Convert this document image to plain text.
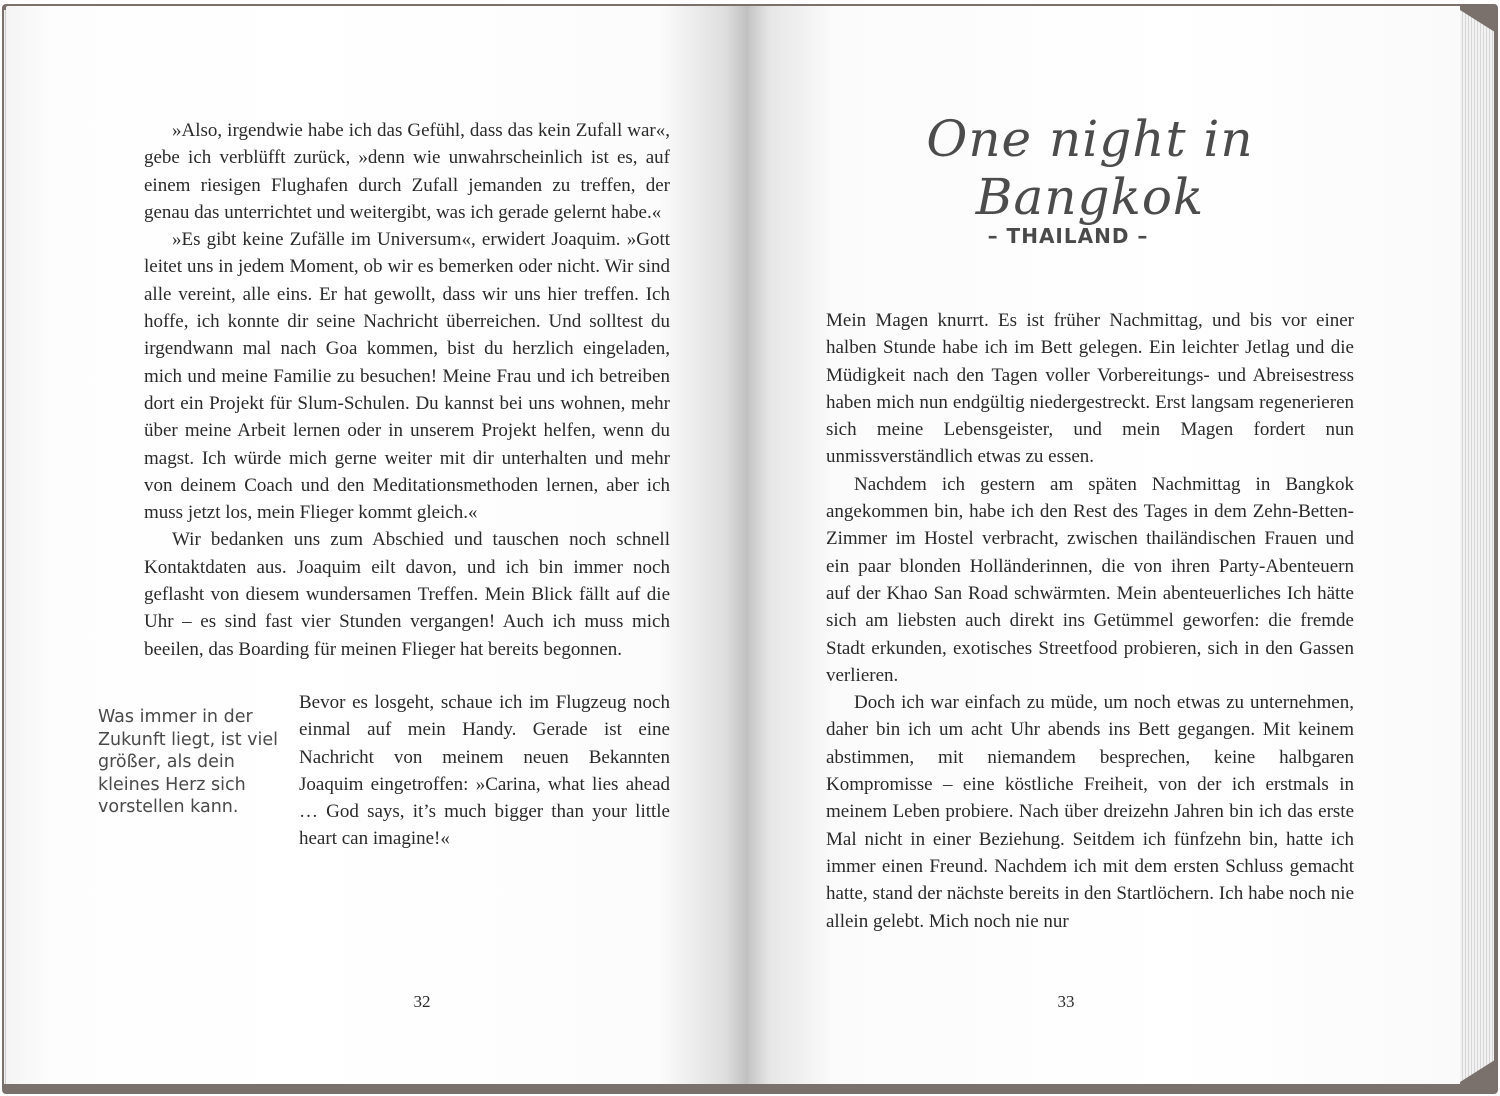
»Also, irgendwie habe ich das Gefühl, dass das kein Zufall war«, gebe ich verblüfft zurück, »denn wie unwahrscheinlich ist es, auf einem riesigen Flughafen durch Zufall jemanden zu treffen, der genau das unterrichtet und weitergibt, was ich gerade gelernt habe.«

»Es gibt keine Zufälle im Universum«, erwidert Joaquim. »Gott leitet uns in jedem Moment, ob wir es bemerken oder nicht. Wir sind alle vereint, alle eins. Er hat gewollt, dass wir uns hier treffen. Ich hoffe, ich konnte dir seine Nachricht überreichen. Und solltest du irgendwann mal nach Goa kommen, bist du herzlich eingeladen, mich und meine Familie zu besuchen! Meine Frau und ich betreiben dort ein Projekt für Slum-Schulen. Du kannst bei uns wohnen, mehr über meine Arbeit lernen oder in unserem Projekt helfen, wenn du magst. Ich würde mich gerne weiter mit dir unterhalten und mehr von deinem Coach und den Meditationsmethoden lernen, aber ich muss jetzt los, mein Flieger kommt gleich.«

Wir bedanken uns zum Abschied und tauschen noch schnell Kontaktdaten aus. Joaquim eilt davon, und ich bin immer noch geflasht von diesem wundersamen Treffen. Mein Blick fällt auf die Uhr – es sind fast vier Stunden vergangen! Auch ich muss mich beeilen, das Boarding für meinen Flieger hat bereits begonnen.

Was immer in der Zukunft liegt, ist viel größer, als dein kleines Herz sich vorstellen kann.

Bevor es losgeht, schaue ich im Flugzeug noch einmal auf mein Handy. Gerade ist eine Nachricht von meinem neuen Bekannten Joaquim eingetroffen: »Carina, what lies ahead … God says, it’s much bigger than your little heart can imagine!«

32
One night in Bangkok
– THAILAND –

Mein Magen knurrt. Es ist früher Nachmittag, und bis vor einer halben Stunde habe ich im Bett gelegen. Ein leichter Jetlag und die Müdigkeit nach den Tagen voller Vorbereitungs- und Abreisestress haben mich nun endgültig niedergestreckt. Erst langsam regenerieren sich meine Lebensgeister, und mein Magen fordert nun unmissverständlich etwas zu essen.

Nachdem ich gestern am späten Nachmittag in Bangkok angekommen bin, habe ich den Rest des Tages in dem Zehn-Betten-Zimmer im Hostel verbracht, zwischen thailändischen Frauen und ein paar blonden Holländerinnen, die von ihren Party-Abenteuern auf der Khao San Road schwärmten. Mein abenteuerliches Ich hätte sich am liebsten auch direkt ins Getümmel geworfen: die fremde Stadt erkunden, exotisches Streetfood probieren, sich in den Gassen verlieren.

Doch ich war einfach zu müde, um noch etwas zu unternehmen, daher bin ich um acht Uhr abends ins Bett gegangen. Mit keinem abstimmen, mit niemandem besprechen, keine halbgaren Kompromisse – eine köstliche Freiheit, von der ich erstmals in meinem Leben probiere. Nach über dreizehn Jahren bin ich das erste Mal nicht in einer Beziehung. Seitdem ich fünfzehn bin, hatte ich immer einen Freund. Nachdem ich mit dem ersten Schluss gemacht hatte, stand der nächste bereits in den Startlöchern. Ich habe noch nie allein gelebt. Mich noch nie nur

33
